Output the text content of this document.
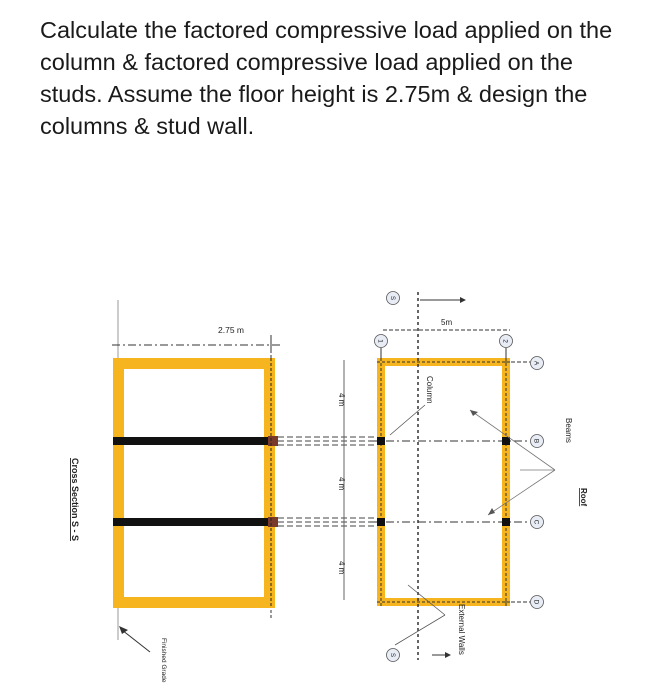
Calculate the factored compressive load applied on the column & factored compressive load applied on the studs. Assume the floor height is 2.75m & design the columns & stud wall.

2.75 m
Finished Grade
Cross Section S - S
4 m
4 m
4 m
5m
Column
Beams
Roof
External Walls
A
B
C
D
1	2
S
S
